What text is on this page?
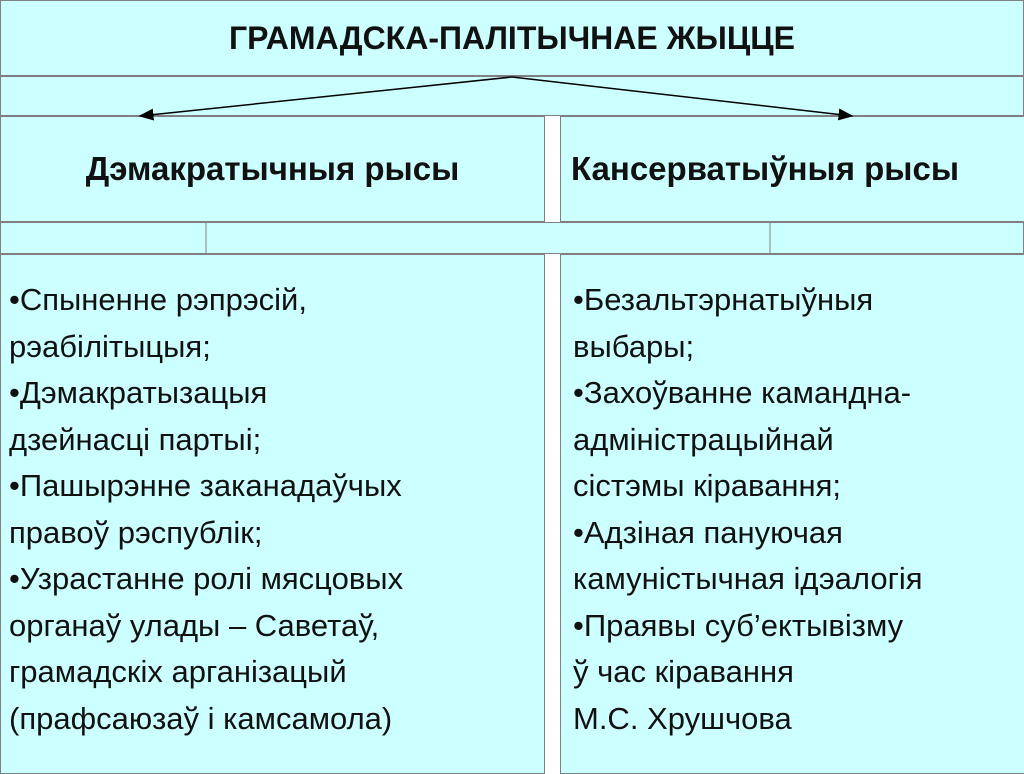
ГРАМАДСКА-ПАЛІТЫЧНАЕ ЖЫЦЦЕ
Дэмакратычныя рысы	Кансерватыўныя рысы
•Спыненне рэпрэсій,
рэабілітыцыя;
•Дэмакратызацыя
дзейнасці партыі;
•Пашырэнне заканадаўчых
правоў рэспублік;
•Узрастанне ролі мясцовых
органаў улады – Саветаў,
грамадскіх арганізацый
(прафсаюзаў і камсамола)
•Безальтэрнатыўныя
выбары;
•Захоўванне каманднa-
адміністрацыйнай
сістэмы кіравання;
•Адзіная пануючая
камуністычная ідэалогія
•Праявы суб’ектывізму
ў час кіравання
М.С. Хрушчова
